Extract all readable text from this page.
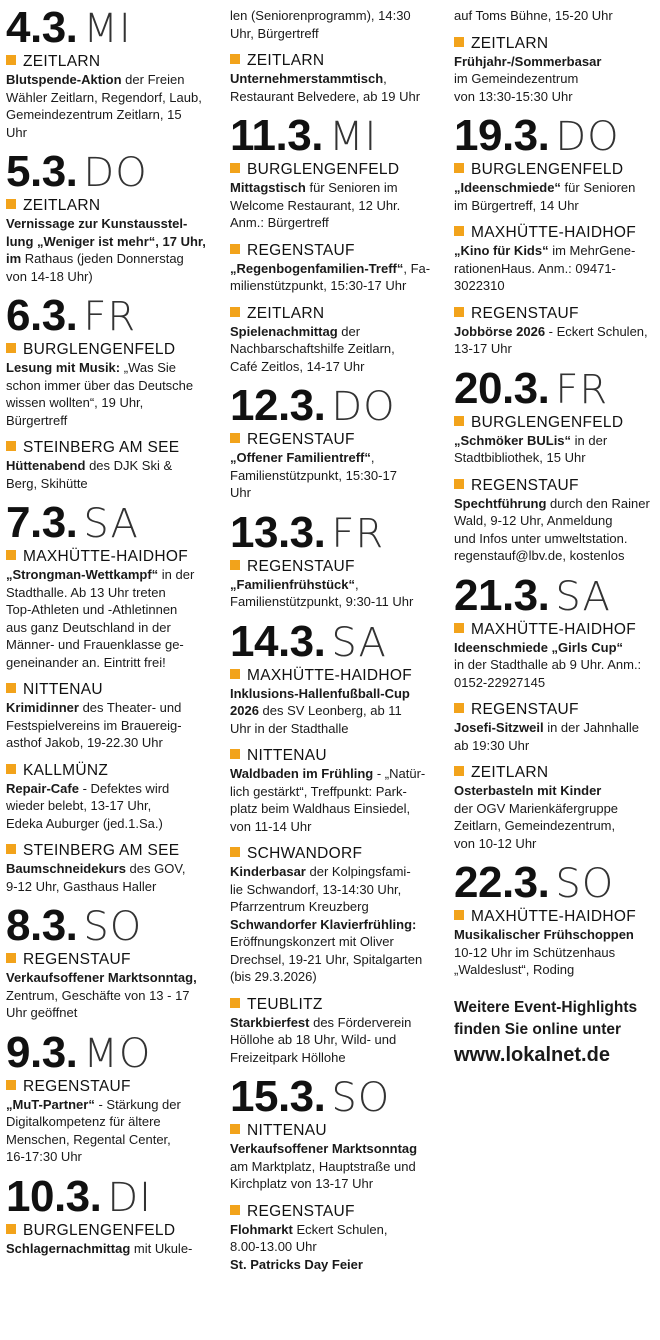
4.3. MI
ZEITLARN
Blutspende-Aktion der Freien
Wähler Zeitlarn, Regendorf, Laub,
Gemeindezentrum Zeitlarn, 15
Uhr
5.3. DO
ZEITLARN
Vernissage zur Kunstausstel-
lung „Weniger ist mehr“, 17 Uhr,
im Rathaus (jeden Donnerstag
von 14-18 Uhr)
6.3. FR
BURGLENGENFELD
Lesung mit Musik: „Was Sie
schon immer über das Deutsche
wissen wollten“, 19 Uhr,
Bürgertreff
STEINBERG AM SEE
Hüttenabend des DJK Ski &
Berg, Skihütte
7.3. SA
MAXHÜTTE-HAIDHOF
„Strongman-Wettkampf“ in der
Stadthalle. Ab 13 Uhr treten
Top-Athleten und -Athletinnen
aus ganz Deutschland in der
Männer- und Frauenklasse ge-
geneinander an. Eintritt frei!
NITTENAU
Krimidinner des Theater- und
Festspielvereins im Brauereig-
asthof Jakob, 19-22.30 Uhr
KALLMÜNZ
Repair-Cafe - Defektes wird
wieder belebt, 13-17 Uhr,
Edeka Auburger (jed.1.Sa.)
STEINBERG AM SEE
Baumschneidekurs des GOV,
9-12 Uhr, Gasthaus Haller
8.3. SO
REGENSTAUF
Verkaufsoffener Marktsonntag,
Zentrum, Geschäfte von 13 - 17
Uhr geöffnet
9.3. MO
REGENSTAUF
„MuT-Partner“ - Stärkung der
Digitalkompetenz für ältere
Menschen, Regental Center,
16-17:30 Uhr
10.3. DI
BURGLENGENFELD
Schlagernachmittag mit Ukule-
len (Seniorenprogramm), 14:30
Uhr, Bürgertreff
ZEITLARN
Unternehmerstammtisch,
Restaurant Belvedere, ab 19 Uhr
11.3. MI
BURGLENGENFELD
Mittagstisch für Senioren im
Welcome Restaurant, 12 Uhr.
Anm.: Bürgertreff
REGENSTAUF
„Regenbogenfamilien-Treff“, Fa-
milienstützpunkt, 15:30-17 Uhr
ZEITLARN
Spielenachmittag der
Nachbarschaftshilfe Zeitlarn,
Café Zeitlos, 14-17 Uhr
12.3. DO
REGENSTAUF
„Offener Familientreff“,
Familienstützpunkt, 15:30-17
Uhr
13.3. FR
REGENSTAUF
„Familienfrühstück“,
Familienstützpunkt, 9:30-11 Uhr
14.3. SA
MAXHÜTTE-HAIDHOF
Inklusions-Hallenfußball-Cup
2026 des SV Leonberg, ab 11
Uhr in der Stadthalle
NITTENAU
Waldbaden im Frühling - „Natür-
lich gestärkt“, Treffpunkt: Park-
platz beim Waldhaus Einsiedel,
von 11-14 Uhr
SCHWANDORF
Kinderbasar der Kolpingsfami-
lie Schwandorf, 13-14:30 Uhr,
Pfarrzentrum Kreuzberg
Schwandorfer Klavierfrühling:
Eröffnungskonzert mit Oliver
Drechsel, 19-21 Uhr, Spitalgarten
(bis 29.3.2026)
TEUBLITZ
Starkbierfest des Förderverein
Höllohe ab 18 Uhr, Wild- und
Freizeitpark Höllohe
15.3. SO
NITTENAU
Verkaufsoffener Marktsonntag
am Marktplatz, Hauptstraße und
Kirchplatz von 13-17 Uhr
REGENSTAUF
Flohmarkt Eckert Schulen,
8.00-13.00 Uhr
St. Patricks Day Feier
auf Toms Bühne, 15-20 Uhr
ZEITLARN
Frühjahr-/Sommerbasar
im Gemeindezentrum
von 13:30-15:30 Uhr
19.3. DO
BURGLENGENFELD
„Ideenschmiede“ für Senioren
im Bürgertreff, 14 Uhr
MAXHÜTTE-HAIDHOF
„Kino für Kids“ im MehrGene-
rationenHaus. Anm.: 09471-
3022310
REGENSTAUF
Jobbörse 2026 - Eckert Schulen,
13-17 Uhr
20.3. FR
BURGLENGENFELD
„Schmöker BULis“ in der
Stadtbibliothek, 15 Uhr
REGENSTAUF
Spechtführung durch den Rainer
Wald, 9-12 Uhr, Anmeldung
und Infos unter umweltstation.
regenstauf@lbv.de, kostenlos
21.3. SA
MAXHÜTTE-HAIDHOF
Ideenschmiede „Girls Cup“
in der Stadthalle ab 9 Uhr. Anm.:
0152-22927145
REGENSTAUF
Josefi-Sitzweil in der Jahnhalle
ab 19:30 Uhr
ZEITLARN
Osterbasteln mit Kinder
der OGV Marienkäfergruppe
Zeitlarn, Gemeindezentrum,
von 10-12 Uhr
22.3. SO
MAXHÜTTE-HAIDHOF
Musikalischer Frühschoppen
10-12 Uhr im Schützenhaus
„Waldeslust“, Roding
Weitere Event-Highlights
finden Sie online unter
www.lokalnet.de
